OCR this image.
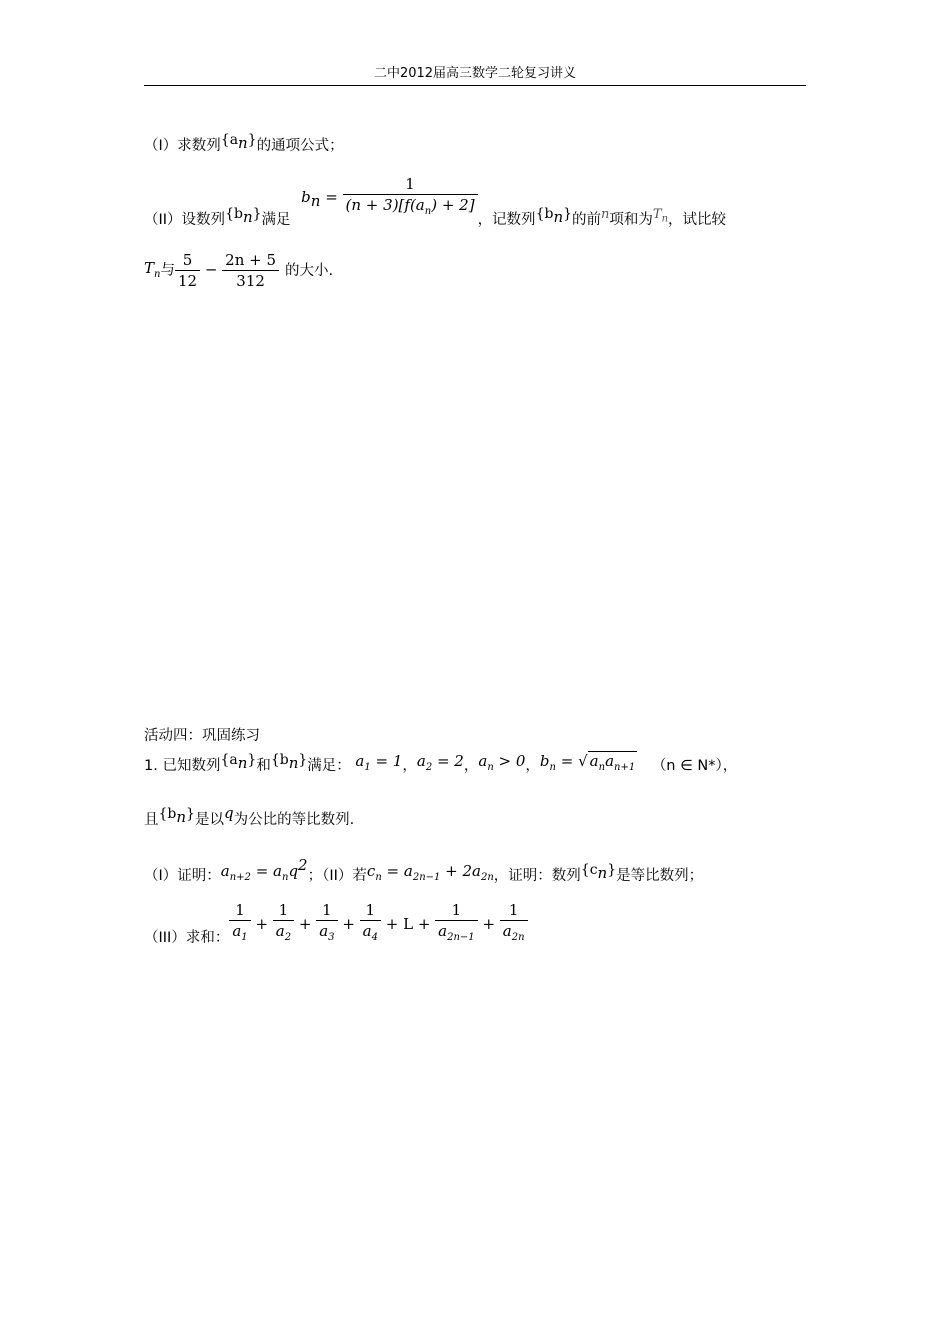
二中2012届高三数学二轮复习讲义
（I）求数列$\{a_n\}$的通项公式；
（II）设数列$\{b_n\}$满足 $b_n = \frac{1}{(n + 3)[f(a_n) + 2]}$ ，记数列$\{b_n\}$的前n项和为$T_n$，试比较
$T_n$与 $\frac{5}{12} - \frac{2n + 5}{312}$ 的大小.
活动四：巩固练习
1. 已知数列$\{a_n\}$和$\{b_n\}$满足： $a_1 = 1$，$a_2 = 2$，$a_n > 0$，$b_n$ = √ $a_na_{n+1}$ （n ∈ N*），
且$\{b_n\}$是以q为公比的等比数列.
（I）证明：$a_{n+2} = a_nq^2$；（II）若$c_n = a_{2n-1} + 2a_{2n}$，证明：数列$\{c_n\}$是等比数列；
（III）求和： $\frac{1}{a_1} + \frac{1}{a_2} + \frac{1}{a_3} + \frac{1}{a_4} + L + \frac{1}{a_{2n-1}} + \frac{1}{a_{2n}}$
